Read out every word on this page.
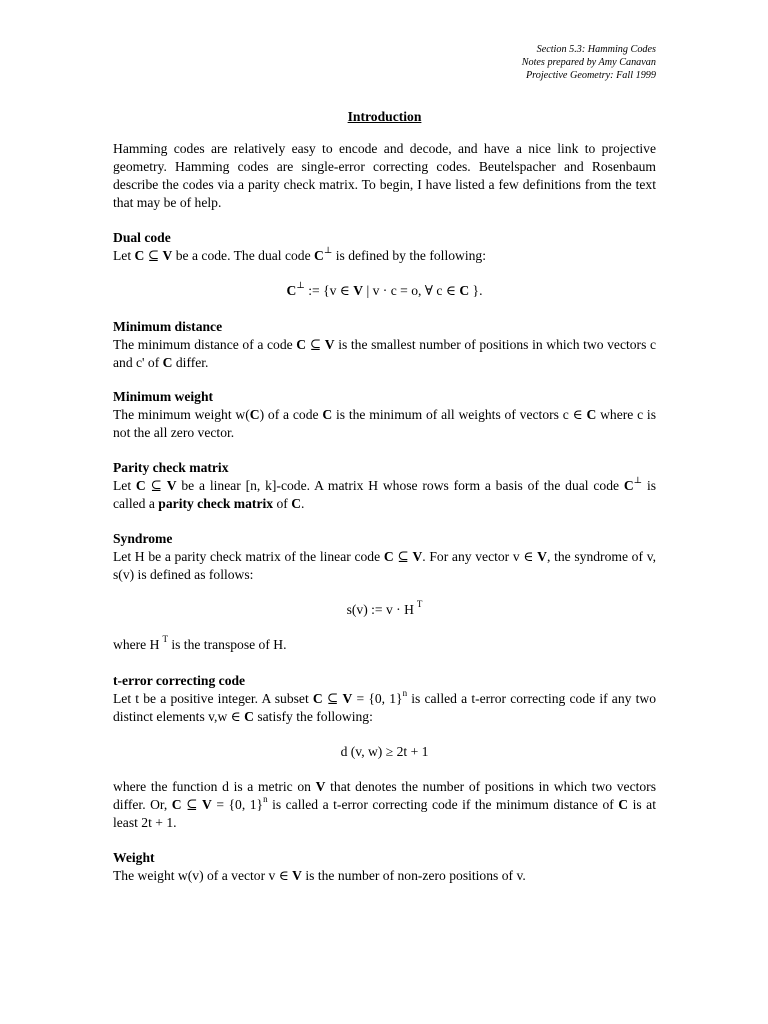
Section 5.3: Hamming Codes
Notes prepared by Amy Canavan
Projective Geometry: Fall 1999
Introduction
Hamming codes are relatively easy to encode and decode, and have a nice link to projective geometry. Hamming codes are single-error correcting codes. Beutelspacher and Rosenbaum describe the codes via a parity check matrix. To begin, I have listed a few definitions from the text that may be of help.
Dual code
Let C ⊆ V be a code. The dual code C⊥ is defined by the following:
C⊥ := {v ∈ V | v · c = o, ∀ c ∈ C }.
Minimum distance
The minimum distance of a code C ⊆ V is the smallest number of positions in which two vectors c and c' of C differ.
Minimum weight
The minimum weight w(C) of a code C is the minimum of all weights of vectors c ∈ C where c is not the all zero vector.
Parity check matrix
Let C ⊆ V be a linear [n, k]-code. A matrix H whose rows form a basis of the dual code C⊥ is called a parity check matrix of C.
Syndrome
Let H be a parity check matrix of the linear code C ⊆ V. For any vector v ∈ V, the syndrome of v, s(v) is defined as follows:
s(v) := v · H $^T$
where H $^T$ is the transpose of H.
t-error correcting code
Let t be a positive integer. A subset C ⊆ V = {0, 1}$^n$ is called a t-error correcting code if any two distinct elements v,w ∈ C satisfy the following:
d (v, w) ≥ 2t + 1
where the function d is a metric on V that denotes the number of positions in which two vectors differ. Or, C ⊆ V = {0, 1}$^n$ is called a t-error correcting code if the minimum distance of C is at least 2t + 1.
Weight
The weight w(v) of a vector v ∈ V is the number of non-zero positions of v.
